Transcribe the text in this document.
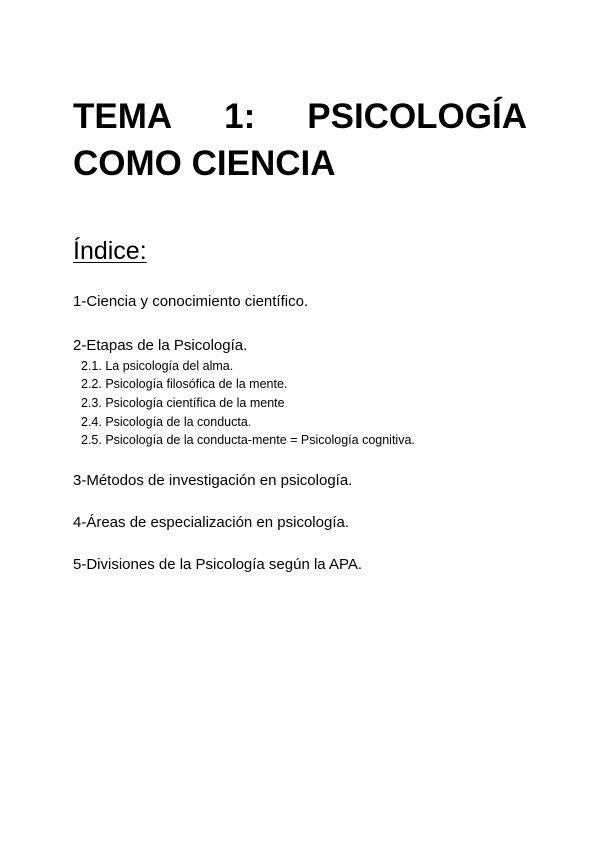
TEMA 1: PSICOLOGÍA
COMO CIENCIA
Índice:
1-Ciencia y conocimiento científico.
2-Etapas de la Psicología.
2.1. La psicología del alma.
2.2. Psicología filosófica de la mente.
2.3. Psicología científica de la mente
2.4. Psicología de la conducta.
2.5. Psicología de la conducta-mente = Psicología cognitiva.
3-Métodos de investigación en psicología.
4-Áreas de especialización en psicología.
5-Divisiones de la Psicología según la APA.
